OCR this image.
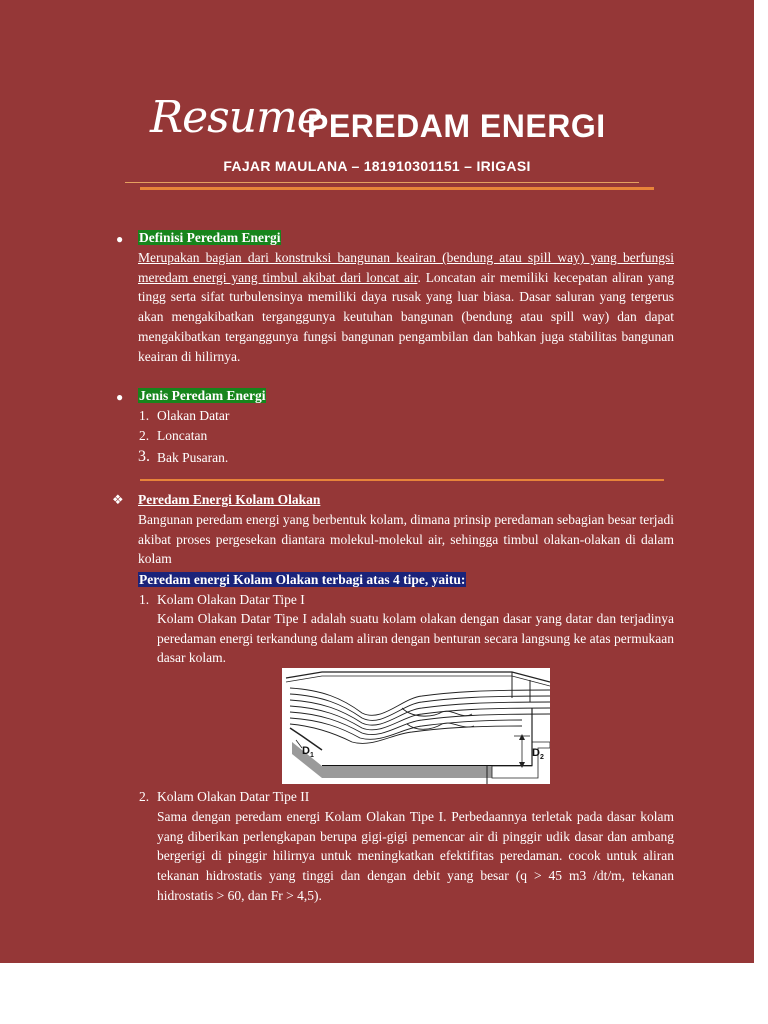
Resume
PEREDAM ENERGI
FAJAR MAULANA – 181910301151 – IRIGASI
● Definisi Peredam Energi
Merupakan bagian dari konstruksi bangunan keairan (bendung atau spill way) yang berfungsi meredam energi yang timbul akibat dari loncat air. Loncatan air memiliki kecepatan aliran yang tingg serta sifat turbulensinya memiliki daya rusak yang luar biasa. Dasar saluran yang tergerus akan mengakibatkan terganggunya keutuhan bangunan (bendung atau spill way) dan dapat mengakibatkan terganggunya fungsi bangunan pengambilan dan bahkan juga stabilitas bangunan keairan di hilirnya.
● Jenis Peredam Energi
1. Olakan Datar
2. Loncatan
3. Bak Pusaran.
❖ Peredam Energi Kolam Olakan
Bangunan peredam energi yang berbentuk kolam, dimana prinsip peredaman sebagian besar terjadi akibat proses pergesekan diantara molekul-molekul air, sehingga timbul olakan-olakan di dalam kolam
Peredam energi Kolam Olakan terbagi atas 4 tipe, yaitu:
1. Kolam Olakan Datar Tipe I
Kolam Olakan Datar Tipe I adalah suatu kolam olakan dengan dasar yang datar dan terjadinya peredaman energi terkandung dalam aliran dengan benturan secara langsung ke atas permukaan dasar kolam.
2. Kolam Olakan Datar Tipe II
Sama dengan peredam energi Kolam Olakan Tipe I. Perbedaannya terletak pada dasar kolam yang diberikan perlengkapan berupa gigi-gigi pemencar air di pinggir udik dasar dan ambang bergerigi di pinggir hilirnya untuk meningkatkan efektifitas peredaman. cocok untuk aliran tekanan hidrostatis yang tinggi dan dengan debit yang besar (q > 45 m3 /dt/m, tekanan hidrostatis > 60, dan Fr > 4,5).
$D_2$
$D_1$
